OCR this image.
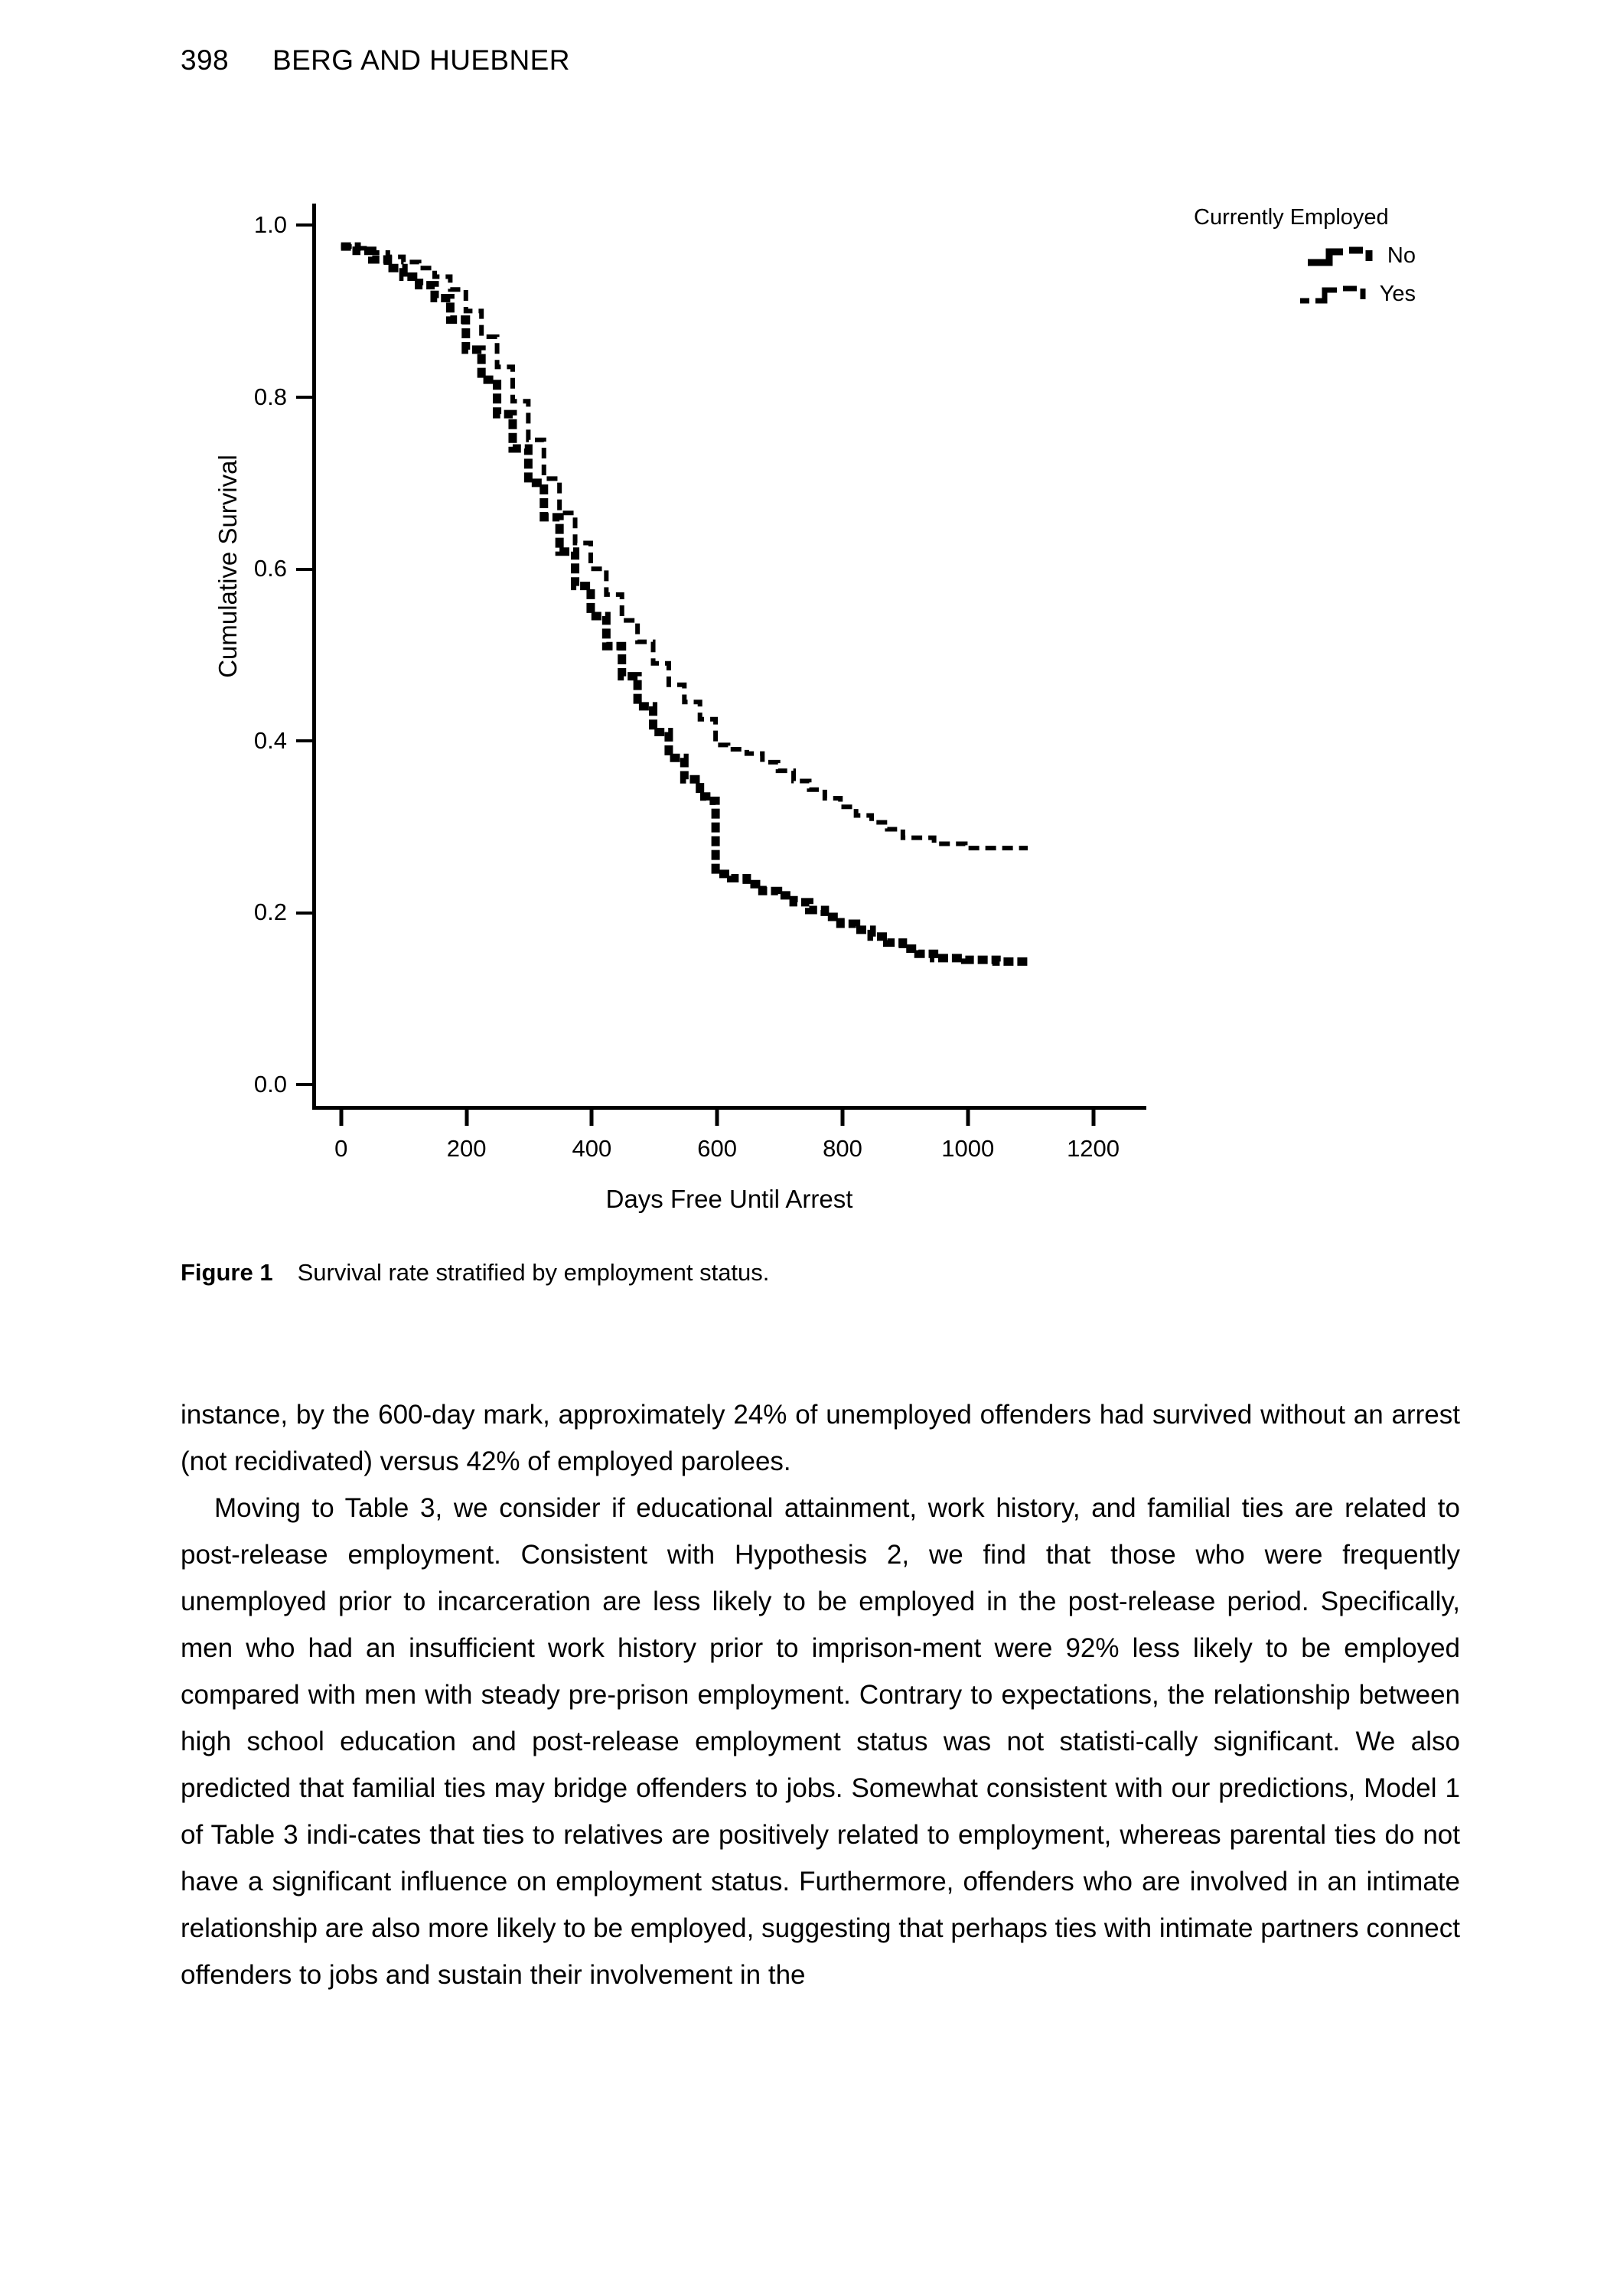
398 BERG AND HUEBNER
Cumulative Survival
1.0
0.8
0.6
0.4
0.2
0.0
0	200	400	600	800	1000	1200
Days Free Until Arrest
Currently Employed
No
Yes
Figure 1 Survival rate stratified by employment status.

instance, by the 600-day mark, approximately 24% of unemployed offenders had survived without an arrest (not recidivated) versus 42% of employed parolees.

Moving to Table 3, we consider if educational attainment, work history, and familial ties are related to post-release employment. Consistent with Hypothesis 2, we find that those who were frequently unemployed prior to incarceration are less likely to be employed in the post-release period. Specifically, men who had an insufficient work history prior to imprison-ment were 92% less likely to be employed compared with men with steady pre-prison employment. Contrary to expectations, the relationship between high school education and post-release employment status was not statisti-cally significant. We also predicted that familial ties may bridge offenders to jobs. Somewhat consistent with our predictions, Model 1 of Table 3 indi-cates that ties to relatives are positively related to employment, whereas parental ties do not have a significant influence on employment status. Furthermore, offenders who are involved in an intimate relationship are also more likely to be employed, suggesting that perhaps ties with intimate partners connect offenders to jobs and sustain their involvement in the
